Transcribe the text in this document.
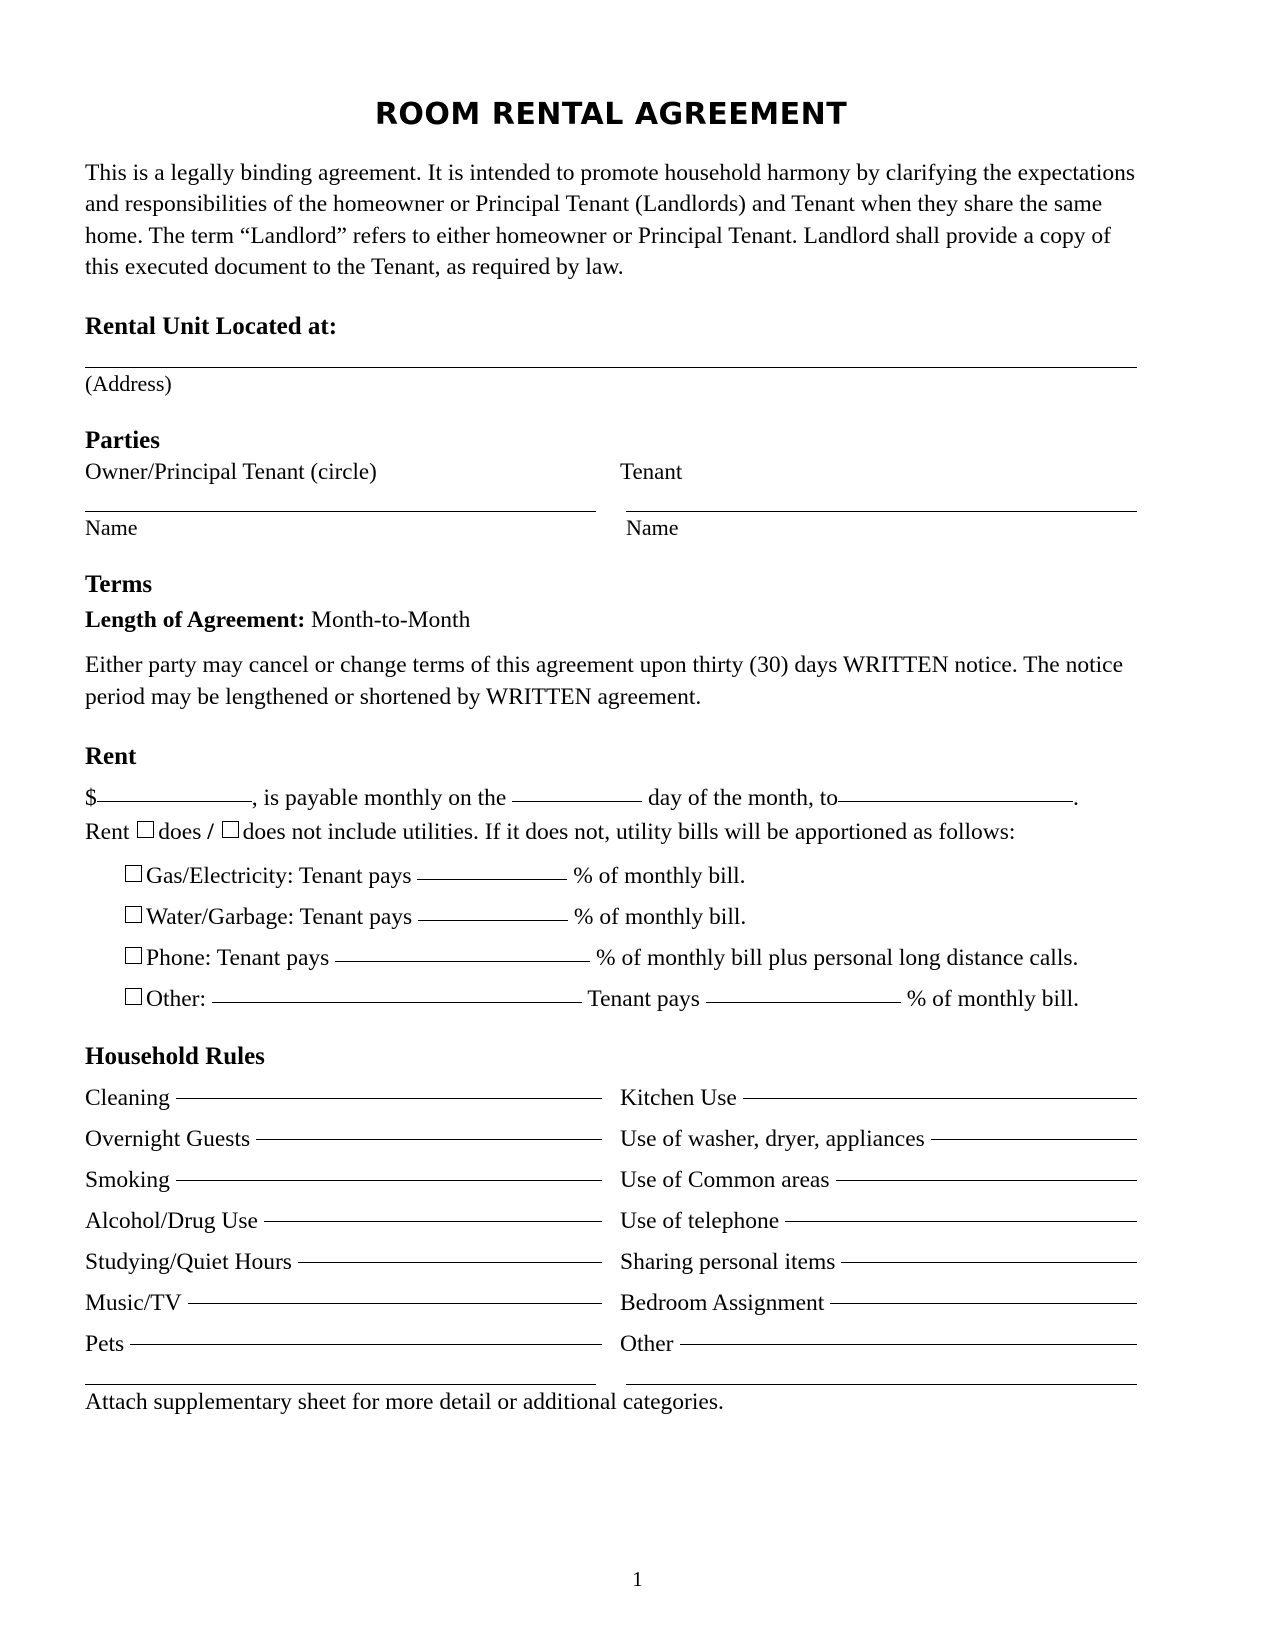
ROOM RENTAL AGREEMENT

This is a legally binding agreement. It is intended to promote household harmony by clarifying the expectations and responsibilities of the homeowner or Principal Tenant (Landlords) and Tenant when they share the same home. The term “Landlord” refers to either homeowner or Principal Tenant. Landlord shall provide a copy of this executed document to the Tenant, as required by law.

Rental Unit Located at:
(Address)
Parties
Owner/Principal Tenant (circle)	Tenant
Name	Name
Terms
Length of Agreement: Month-to-Month

Either party may cancel or change terms of this agreement upon thirty (30) days WRITTEN notice. The notice period may be lengthened or shortened by WRITTEN agreement.

Rent
$	, is payable monthly on the	day of the month, to	.
Rent does / does not include utilities. If it does not, utility bills will be apportioned as follows:
Gas/Electricity: Tenant pays	% of monthly bill.
Water/Garbage: Tenant pays	% of monthly bill.
Phone: Tenant pays	% of monthly bill plus personal long distance calls.
Other:	Tenant pays	% of monthly bill.
Household Rules
Cleaning	Kitchen Use
Overnight Guests	Use of washer, dryer, appliances
Smoking	Use of Common areas
Alcohol/Drug Use	Use of telephone
Studying/Quiet Hours	Sharing personal items
Music/TV	Bedroom Assignment
Pets	Other
Attach supplementary sheet for more detail or additional categories.
1
